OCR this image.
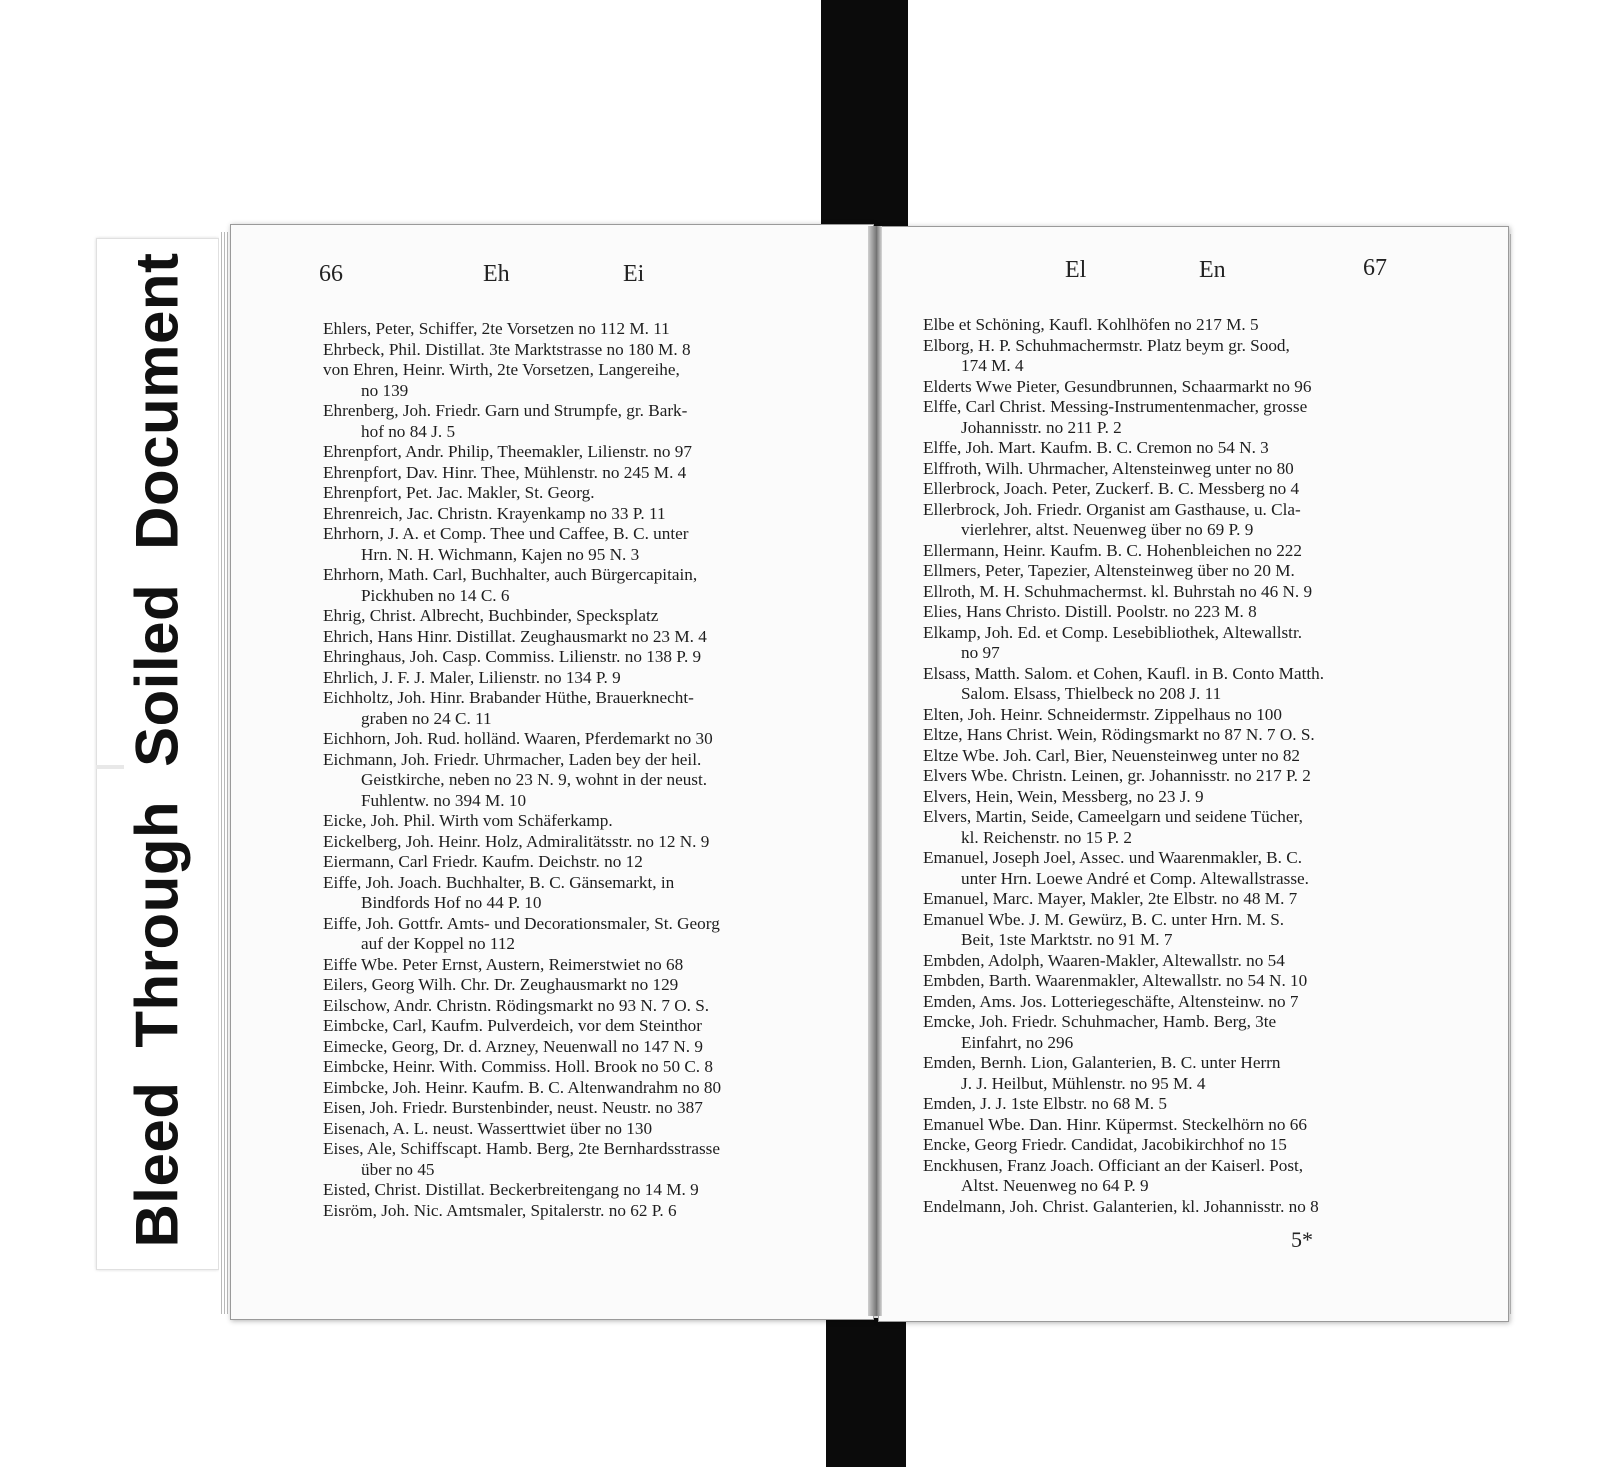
BleedThroughSoiledDocument	66	Eh	Ei
Ehlers, Peter, Schiffer, 2te Vorsetzen no 112 M. 11
Ehrbeck, Phil. Distillat. 3te Marktstrasse no 180 M. 8
von Ehren, Heinr. Wirth, 2te Vorsetzen, Langereihe,
no 139
Ehrenberg, Joh. Friedr. Garn und Strumpfe, gr. Bark-
hof no 84 J. 5
Ehrenpfort, Andr. Philip, Theemakler, Lilienstr. no 97
Ehrenpfort, Dav. Hinr. Thee, Mühlenstr. no 245 M. 4
Ehrenpfort, Pet. Jac. Makler, St. Georg.
Ehrenreich, Jac. Christn. Krayenkamp no 33 P. 11
Ehrhorn, J. A. et Comp. Thee und Caffee, B. C. unter
Hrn. N. H. Wichmann, Kajen no 95 N. 3
Ehrhorn, Math. Carl, Buchhalter, auch Bürgercapitain,
Pickhuben no 14 C. 6
Ehrig, Christ. Albrecht, Buchbinder, Specksplatz
Ehrich, Hans Hinr. Distillat. Zeughausmarkt no 23 M. 4
Ehringhaus, Joh. Casp. Commiss. Lilienstr. no 138 P. 9
Ehrlich, J. F. J. Maler, Lilienstr. no 134 P. 9
Eichholtz, Joh. Hinr. Brabander Hüthe, Brauerknecht-
graben no 24 C. 11
Eichhorn, Joh. Rud. holländ. Waaren, Pferdemarkt no 30
Eichmann, Joh. Friedr. Uhrmacher, Laden bey der heil.
Geistkirche, neben no 23 N. 9, wohnt in der neust.
Fuhlentw. no 394 M. 10
Eicke, Joh. Phil. Wirth vom Schäferkamp.
Eickelberg, Joh. Heinr. Holz, Admiralitätsstr. no 12 N. 9
Eiermann, Carl Friedr. Kaufm. Deichstr. no 12
Eiffe, Joh. Joach. Buchhalter, B. C. Gänsemarkt, in
Bindfords Hof no 44 P. 10
Eiffe, Joh. Gottfr. Amts- und Decorationsmaler, St. Georg
auf der Koppel no 112
Eiffe Wbe. Peter Ernst, Austern, Reimerstwiet no 68
Eilers, Georg Wilh. Chr. Dr. Zeughausmarkt no 129
Eilschow, Andr. Christn. Rödingsmarkt no 93 N. 7 O. S.
Eimbcke, Carl, Kaufm. Pulverdeich, vor dem Steinthor
Eimecke, Georg, Dr. d. Arzney, Neuenwall no 147 N. 9
Eimbcke, Heinr. With. Commiss. Holl. Brook no 50 C. 8
Eimbcke, Joh. Heinr. Kaufm. B. C. Altenwandrahm no 80
Eisen, Joh. Friedr. Burstenbinder, neust. Neustr. no 387
Eisenach, A. L. neust. Wasserttwiet über no 130
Eises, Ale, Schiffscapt. Hamb. Berg, 2te Bernhardsstrasse
über no 45
Eisted, Christ. Distillat. Beckerbreitengang no 14 M. 9
Eisröm, Joh. Nic. Amtsmaler, Spitalerstr. no 62 P. 6
El	En	67
Elbe et Schöning, Kaufl. Kohlhöfen no 217 M. 5
Elborg, H. P. Schuhmachermstr. Platz beym gr. Sood,
174 M. 4
Elderts Wwe Pieter, Gesundbrunnen, Schaarmarkt no 96
Elffe, Carl Christ. Messing-Instrumentenmacher, grosse
Johannisstr. no 211 P. 2
Elffe, Joh. Mart. Kaufm. B. C. Cremon no 54 N. 3
Elffroth, Wilh. Uhrmacher, Altensteinweg unter no 80
Ellerbrock, Joach. Peter, Zuckerf. B. C. Messberg no 4
Ellerbrock, Joh. Friedr. Organist am Gasthause, u. Cla-
vierlehrer, altst. Neuenweg über no 69 P. 9
Ellermann, Heinr. Kaufm. B. C. Hohenbleichen no 222
Ellmers, Peter, Tapezier, Altensteinweg über no 20 M.
Ellroth, M. H. Schuhmachermst. kl. Buhrstah no 46 N. 9
Elies, Hans Christo. Distill. Poolstr. no 223 M. 8
Elkamp, Joh. Ed. et Comp. Lesebibliothek, Altewallstr.
no 97
Elsass, Matth. Salom. et Cohen, Kaufl. in B. Conto Matth.
Salom. Elsass, Thielbeck no 208 J. 11
Elten, Joh. Heinr. Schneidermstr. Zippelhaus no 100
Eltze, Hans Christ. Wein, Rödingsmarkt no 87 N. 7 O. S.
Eltze Wbe. Joh. Carl, Bier, Neuensteinweg unter no 82
Elvers Wbe. Christn. Leinen, gr. Johannisstr. no 217 P. 2
Elvers, Hein, Wein, Messberg, no 23 J. 9
Elvers, Martin, Seide, Cameelgarn und seidene Tücher,
kl. Reichenstr. no 15 P. 2
Emanuel, Joseph Joel, Assec. und Waarenmakler, B. C.
unter Hrn. Loewe André et Comp. Altewallstrasse.
Emanuel, Marc. Mayer, Makler, 2te Elbstr. no 48 M. 7
Emanuel Wbe. J. M. Gewürz, B. C. unter Hrn. M. S.
Beit, 1ste Marktstr. no 91 M. 7
Embden, Adolph, Waaren-Makler, Altewallstr. no 54
Embden, Barth. Waarenmakler, Altewallstr. no 54 N. 10
Emden, Ams. Jos. Lotteriegeschäfte, Altensteinw. no 7
Emcke, Joh. Friedr. Schuhmacher, Hamb. Berg, 3te
Einfahrt, no 296
Emden, Bernh. Lion, Galanterien, B. C. unter Herrn
J. J. Heilbut, Mühlenstr. no 95 M. 4
Emden, J. J. 1ste Elbstr. no 68 M. 5
Emanuel Wbe. Dan. Hinr. Küpermst. Steckelhörn no 66
Encke, Georg Friedr. Candidat, Jacobikirchhof no 15
Enckhusen, Franz Joach. Officiant an der Kaiserl. Post,
Altst. Neuenweg no 64 P. 9
Endelmann, Joh. Christ. Galanterien, kl. Johannisstr. no 8
5*
